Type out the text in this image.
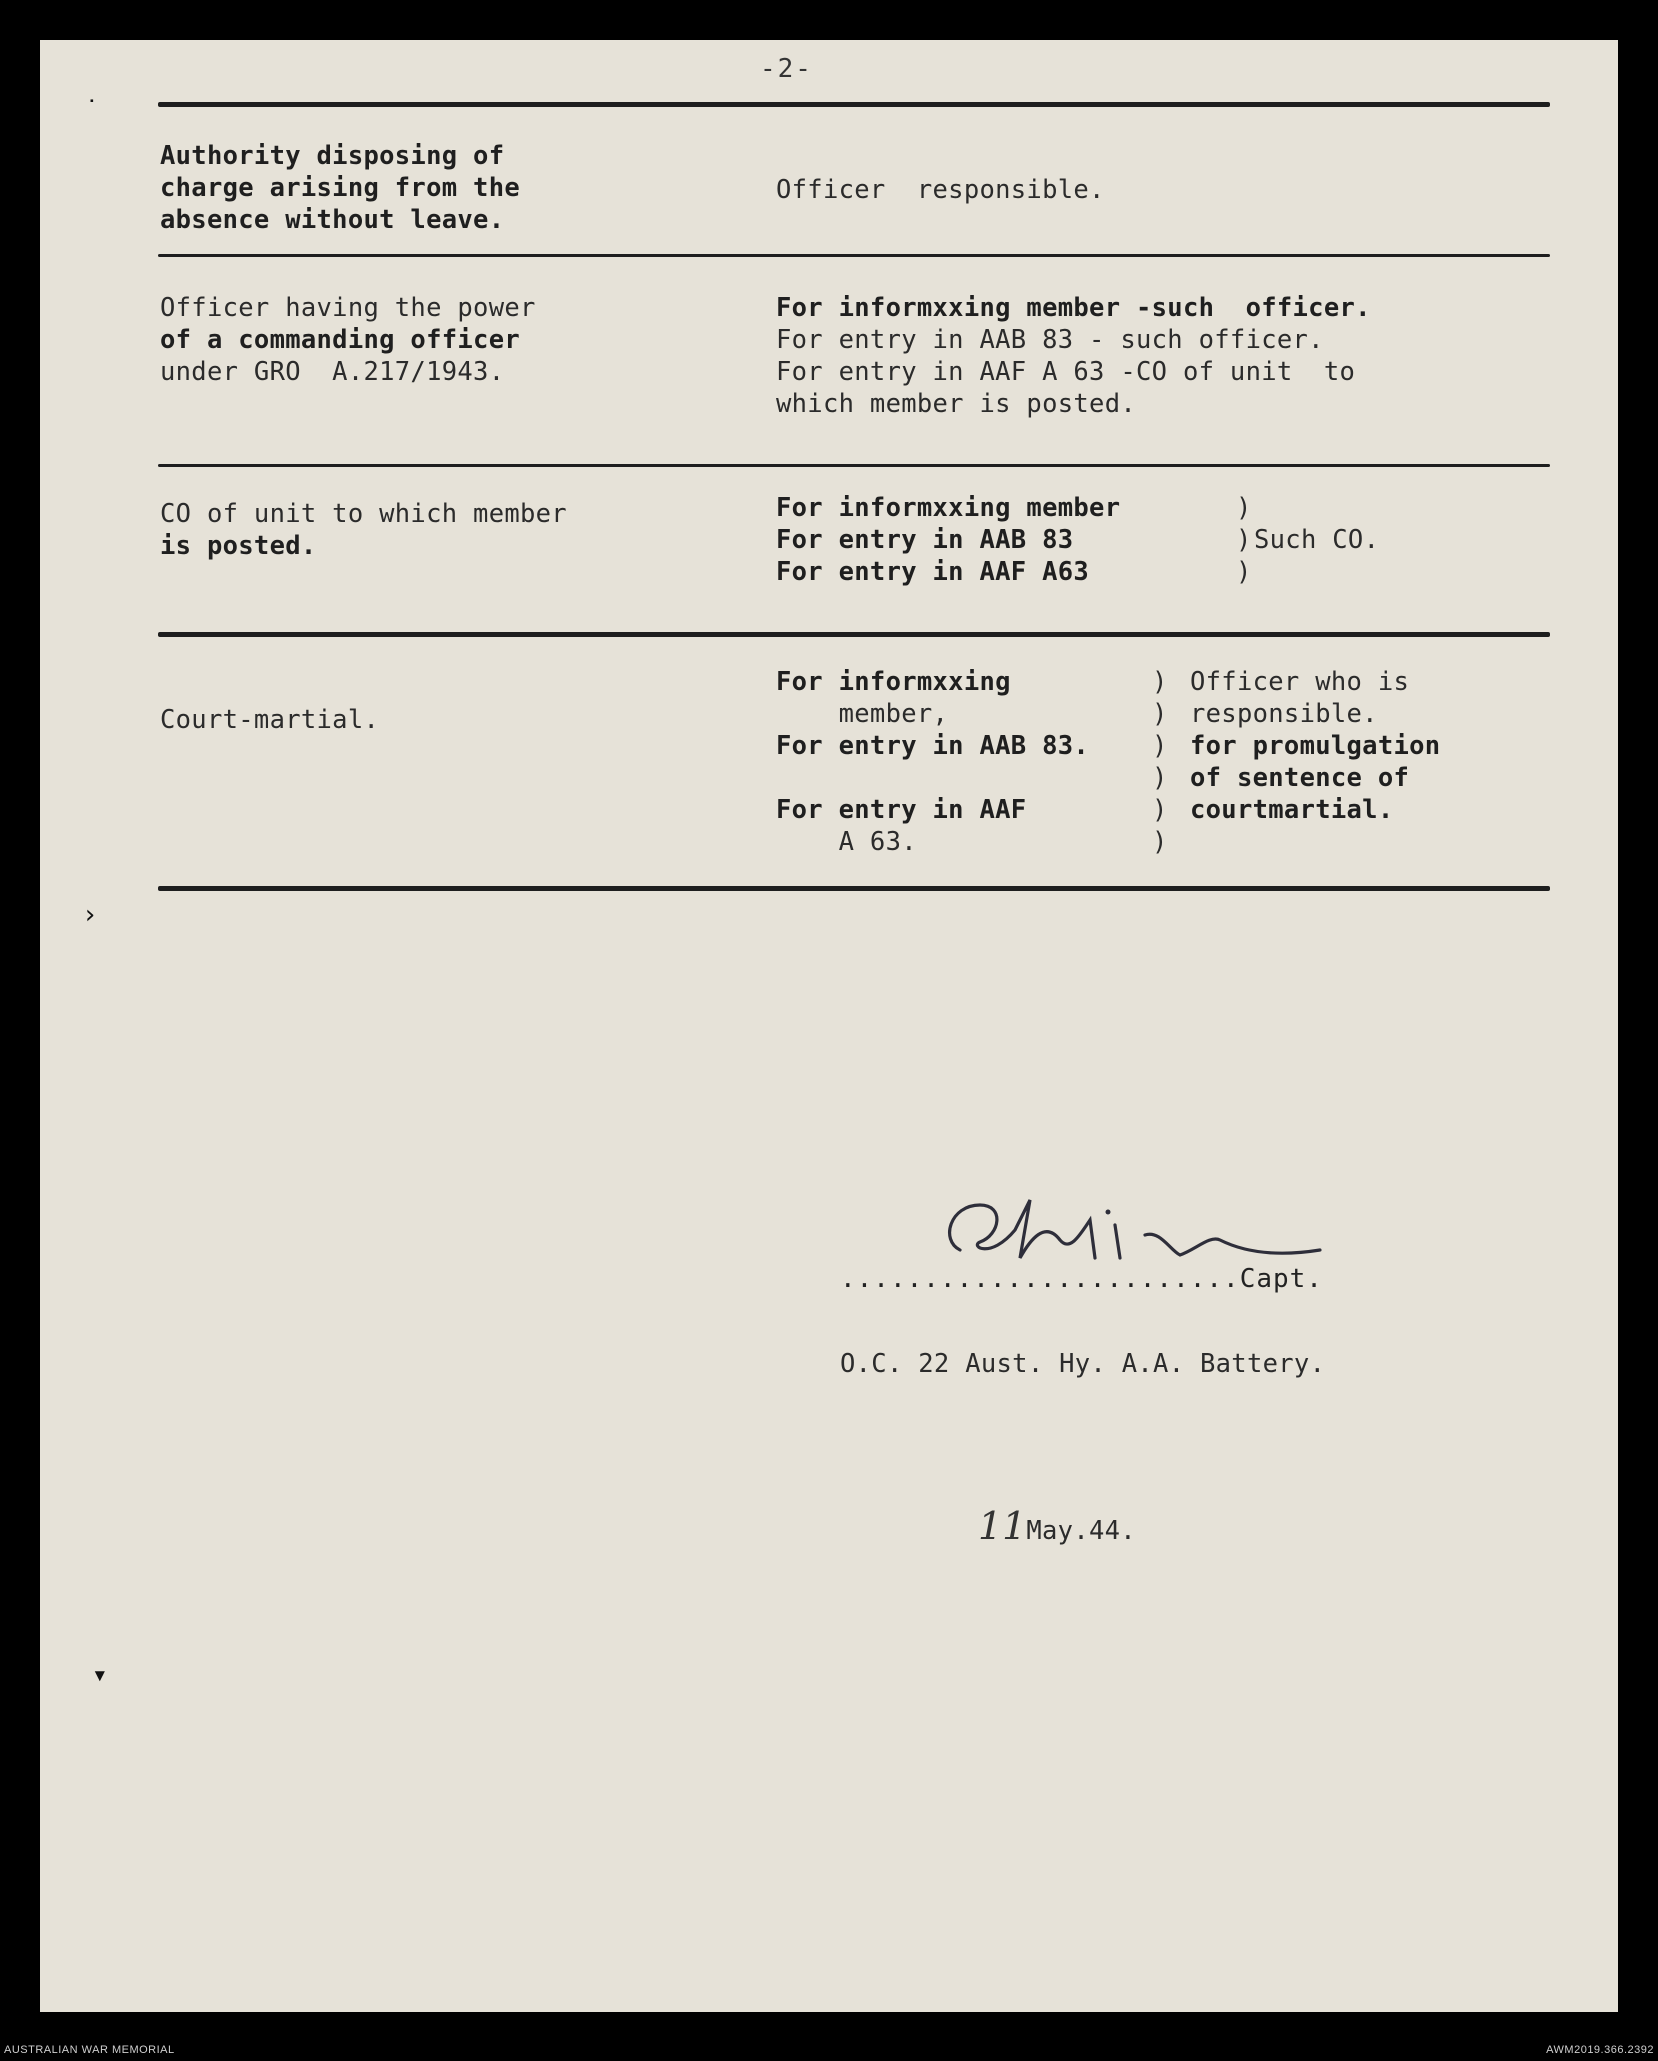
-2-
˙
›
▾
Authority disposing of
charge arising from the
absence without leave.
Officer  responsible.
Officer having the power
of a commanding officer
under GRO  A.217/1943.
For informxxing member -such  officer.
For entry in AAB 83 - such officer.
For entry in AAF A 63 -CO of unit  to
which member is posted.
CO of unit to which member
is posted.
For informxxing member
For entry in AAB 83
For entry in AAF A63
)
)
)
Such CO.
Court-martial.
For informxxing
member,
For entry in AAB 83.
For entry in AAF
A 63.
)
)
)
)
)
)
Officer who is
responsible.
for promulgation
of sentence of
courtmartial.
........................Capt.
O.C. 22 Aust. Hy. A.A. Battery.
11May.44.
AUSTRALIAN WAR MEMORIAL	AWM2019.366.2392
